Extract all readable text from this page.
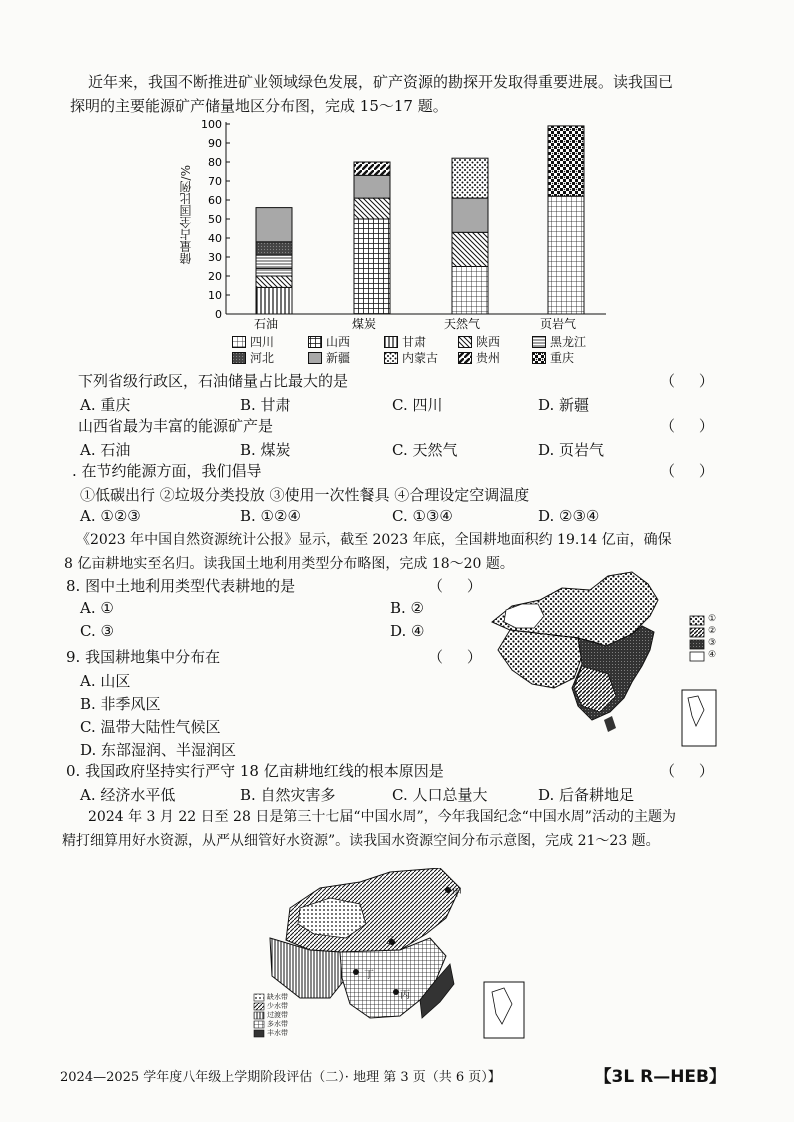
近年来，我国不断推进矿业领域绿色发展，矿产资源的勘探开发取得重要进展。读我国已
探明的主要能源矿产储量地区分布图，完成 15～17 题。
0
10
20
30
40
50
60
70
80
90
100
石油	煤炭	天然气	页岩气
储量占全国比例/%
四川	山西	甘肃	陕西	黑龙江
河北	新疆	内蒙古	贵州	重庆
下列省级行政区，石油储量占比最大的是	（     ）
A. 重庆	B. 甘肃	C. 四川	D. 新疆
山西省最为丰富的能源矿产是	（     ）
A. 石油	B. 煤炭	C. 天然气	D. 页岩气
. 在节约能源方面，我们倡导	（     ）
①低碳出行 ②垃圾分类投放 ③使用一次性餐具 ④合理设定空调温度
A. ①②③	B. ①②④	C. ①③④	D. ②③④
《2023 年中国自然资源统计公报》显示，截至 2023 年底，全国耕地面积约 19.14 亿亩，确保
8 亿亩耕地实至名归。读我国土地利用类型分布略图，完成 18～20 题。
8. 图中土地利用类型代表耕地的是	（     ）
A. ①	B. ②
C. ③	D. ④
9. 我国耕地集中分布在	（     ）
A. 山区
B. 非季风区
C. 温带大陆性气候区
D. 东部湿润、半湿润区
①
②
③
④
0. 我国政府坚持实行严守 18 亿亩耕地红线的根本原因是	（     ）
A. 经济水平低	B. 自然灾害多	C. 人口总量大	D. 后备耕地足
2024 年 3 月 22 日至 28 日是第三十七届“中国水周”，今年我国纪念“中国水周”活动的主题为
精打细算用好水资源，从严从细管好水资源”。读我国水资源空间分布示意图，完成 21～23 题。
甲
乙
丙
丁
缺水带
少水带
过渡带
多水带
丰水带
2024—2025 学年度八年级上学期阶段评估（二）· 地理 第 3 页（共 6 页）】	【3L R—HEB】
